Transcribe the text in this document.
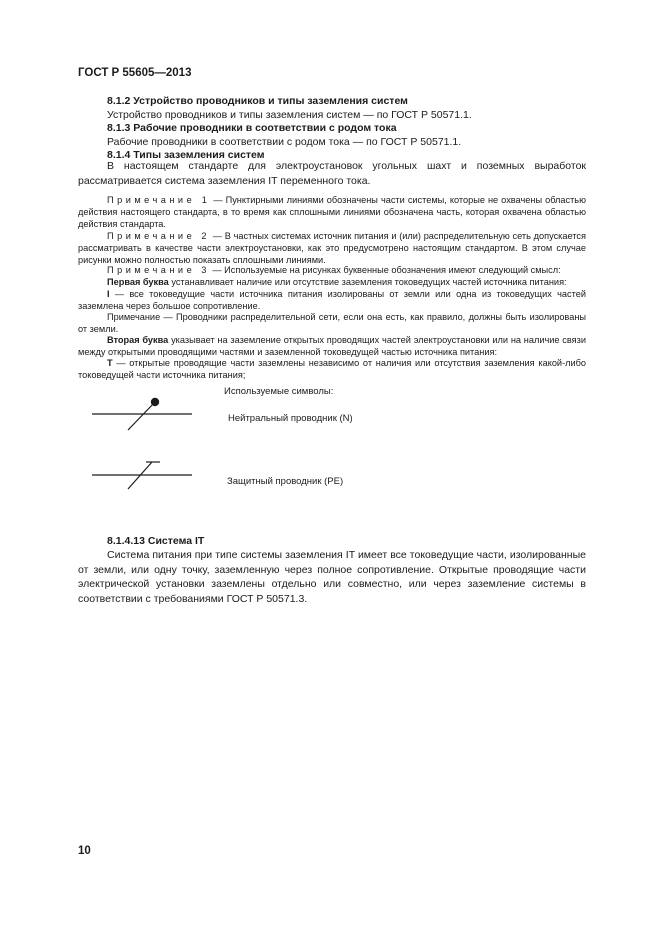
ГОСТ Р 55605—2013
8.1.2 Устройство проводников и типы заземления систем
Устройство проводников и типы заземления систем — по ГОСТ Р 50571.1.
8.1.3 Рабочие проводники в соответствии с родом тока
Рабочие проводники в соответствии с родом тока — по ГОСТ Р 50571.1.
8.1.4 Типы заземления систем
В настоящем стандарте для электроустановок угольных шахт и поземных выработок рассматривается система заземления IT переменного тока.
Примечание 1 — Пунктирными линиями обозначены части системы, которые не охвачены областью действия настоящего стандарта, в то время как сплошными линиями обозначена часть, которая охвачена областью действия стандарта.
Примечание 2 — В частных системах источник питания и (или) распределительную сеть допускается рассматривать в качестве части электроустановки, как это предусмотрено настоящим стандартом. В этом случае рисунки можно полностью показать сплошными линиями.
Примечание 3 — Используемые на рисунках буквенные обозначения имеют следующий смысл:
Первая буква устанавливает наличие или отсутствие заземления токоведущих частей источника питания:
I — все токоведущие части источника питания изолированы от земли или одна из токоведущих частей заземлена через большое сопротивление.
Примечание — Проводники распределительной сети, если она есть, как правило, должны быть изолированы от земли.
Вторая буква указывает на заземление открытых проводящих частей электроустановки или на наличие связи между открытыми проводящими частями и заземленной токоведущей частью источника питания:
Т — открытые проводящие части заземлены независимо от наличия или отсутствия заземления какой-либо токоведущей части источника питания;
Используемые символы:
Нейтральный проводник (N)
Защитный проводник (PE)
8.1.4.13 Система IT
Система питания при типе системы заземления IT имеет все токоведущие части, изолированные от земли, или одну точку, заземленную через полное сопротивление. Открытые проводящие части электрической установки заземлены отдельно или совместно, или через заземление системы в соответствии с требованиями ГОСТ Р 50571.3.
10
